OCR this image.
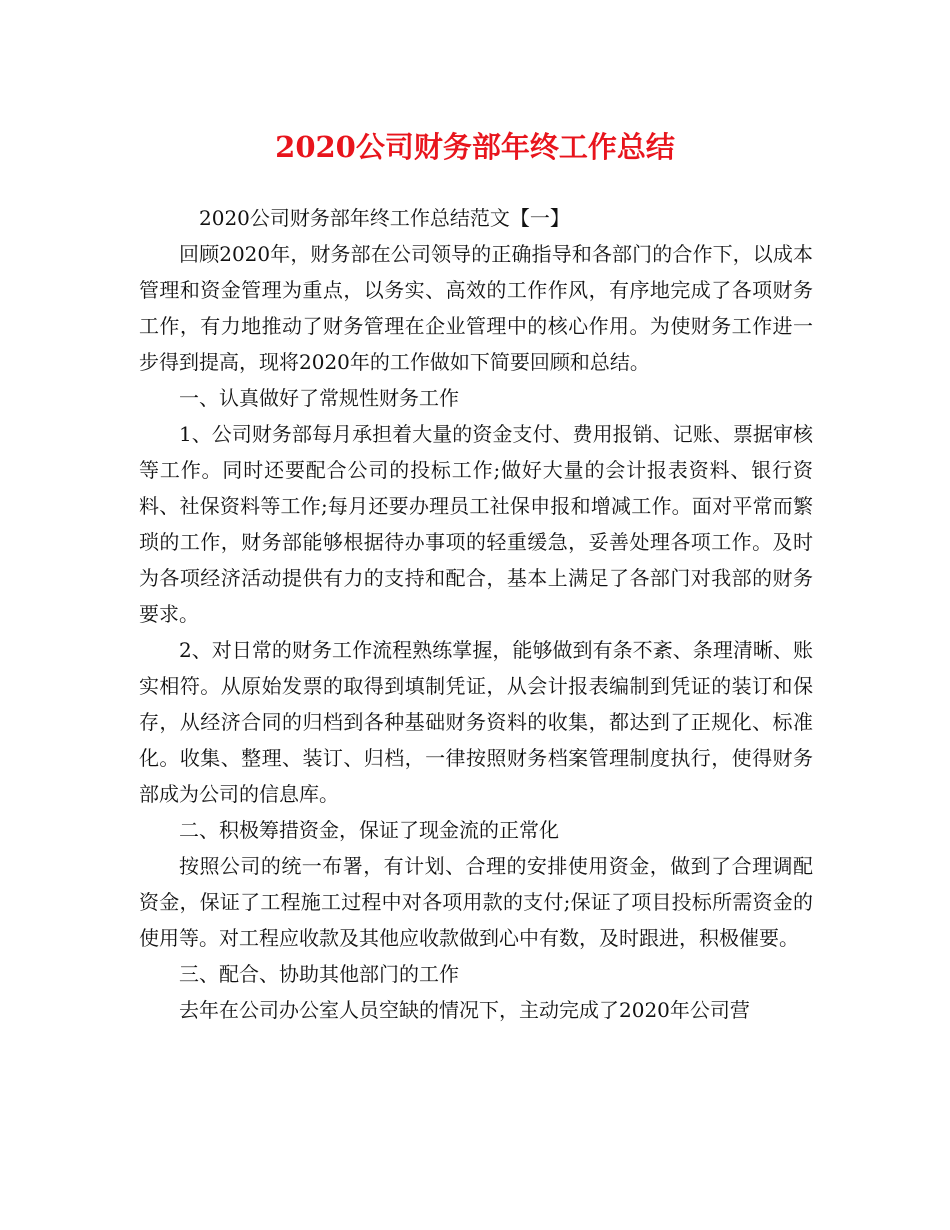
2020公司财务部年终工作总结

2020公司财务部年终工作总结范文【一】

回顾2020年，财务部在公司领导的正确指导和各部门的合作下，以成本管理和资金管理为重点，以务实、高效的工作作风，有序地完成了各项财务工作，有力地推动了财务管理在企业管理中的核心作用。为使财务工作进一步得到提高，现将2020年的工作做如下简要回顾和总结。

一、认真做好了常规性财务工作

1、公司财务部每月承担着大量的资金支付、费用报销、记账、票据审核等工作。同时还要配合公司的投标工作;做好大量的会计报表资料、银行资料、社保资料等工作;每月还要办理员工社保申报和增减工作。面对平常而繁琐的工作，财务部能够根据待办事项的轻重缓急，妥善处理各项工作。及时为各项经济活动提供有力的支持和配合，基本上满足了各部门对我部的财务要求。

2、对日常的财务工作流程熟练掌握，能够做到有条不紊、条理清晰、账实相符。从原始发票的取得到填制凭证，从会计报表编制到凭证的装订和保存，从经济合同的归档到各种基础财务资料的收集，都达到了正规化、标准化。收集、整理、装订、归档，一律按照财务档案管理制度执行，使得财务部成为公司的信息库。

二、积极筹措资金，保证了现金流的正常化

按照公司的统一布署，有计划、合理的安排使用资金，做到了合理调配资金，保证了工程施工过程中对各项用款的支付;保证了项目投标所需资金的使用等。对工程应收款及其他应收款做到心中有数，及时跟进，积极催要。

三、配合、协助其他部门的工作

去年在公司办公室人员空缺的情况下，主动完成了2020年公司营
